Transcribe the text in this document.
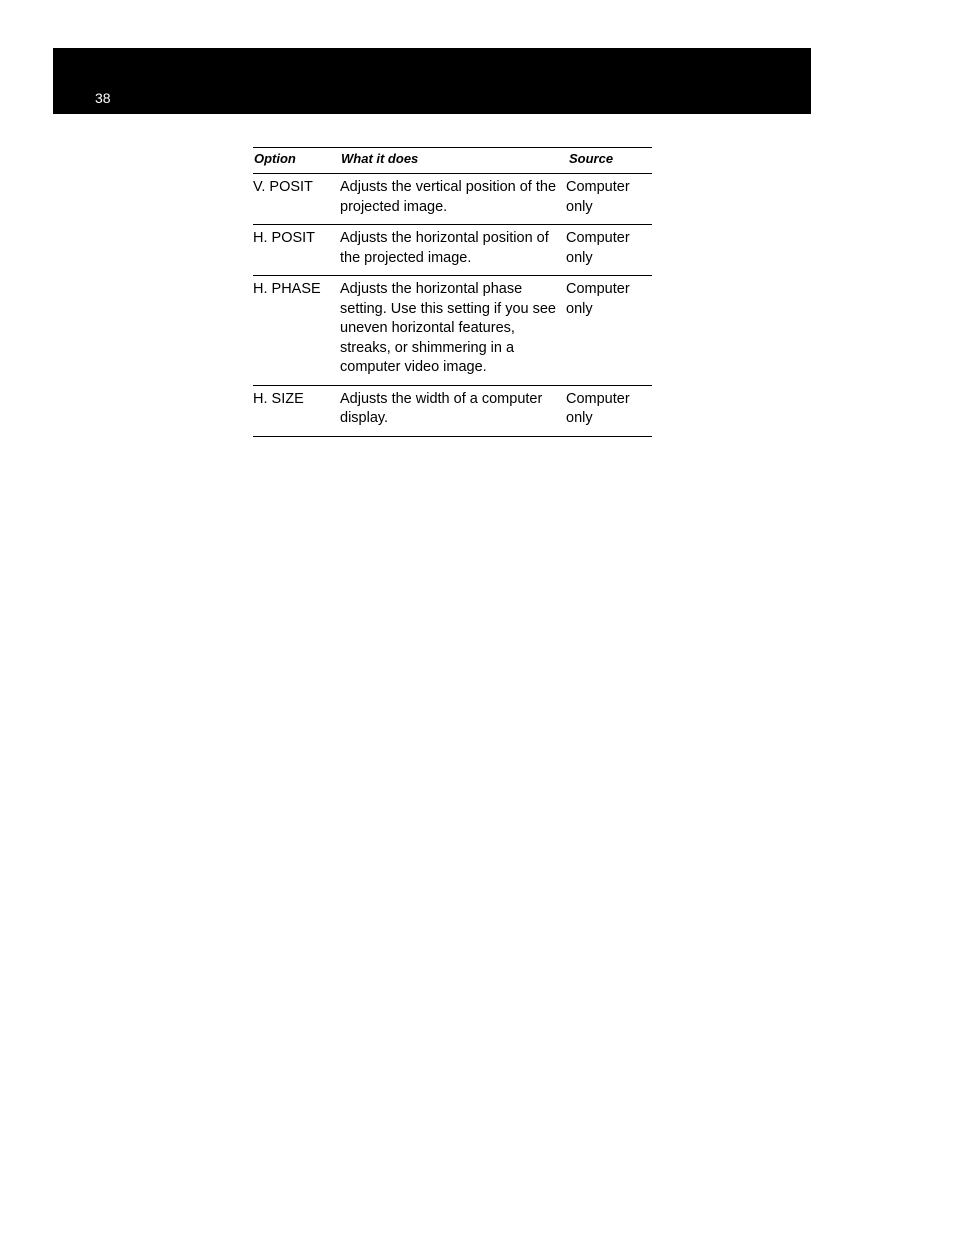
38
Option	What it does	Source
V. POSIT	Adjusts the vertical position of the projected image.	Computer only
H. POSIT	Adjusts the horizontal position of the projected image.	Computer only
H. PHASE	Adjusts the horizontal phase setting. Use this setting if you see uneven horizontal features, streaks, or shimmering in a computer video image.	Computer only
H. SIZE	Adjusts the width of a computer display.	Computer only
